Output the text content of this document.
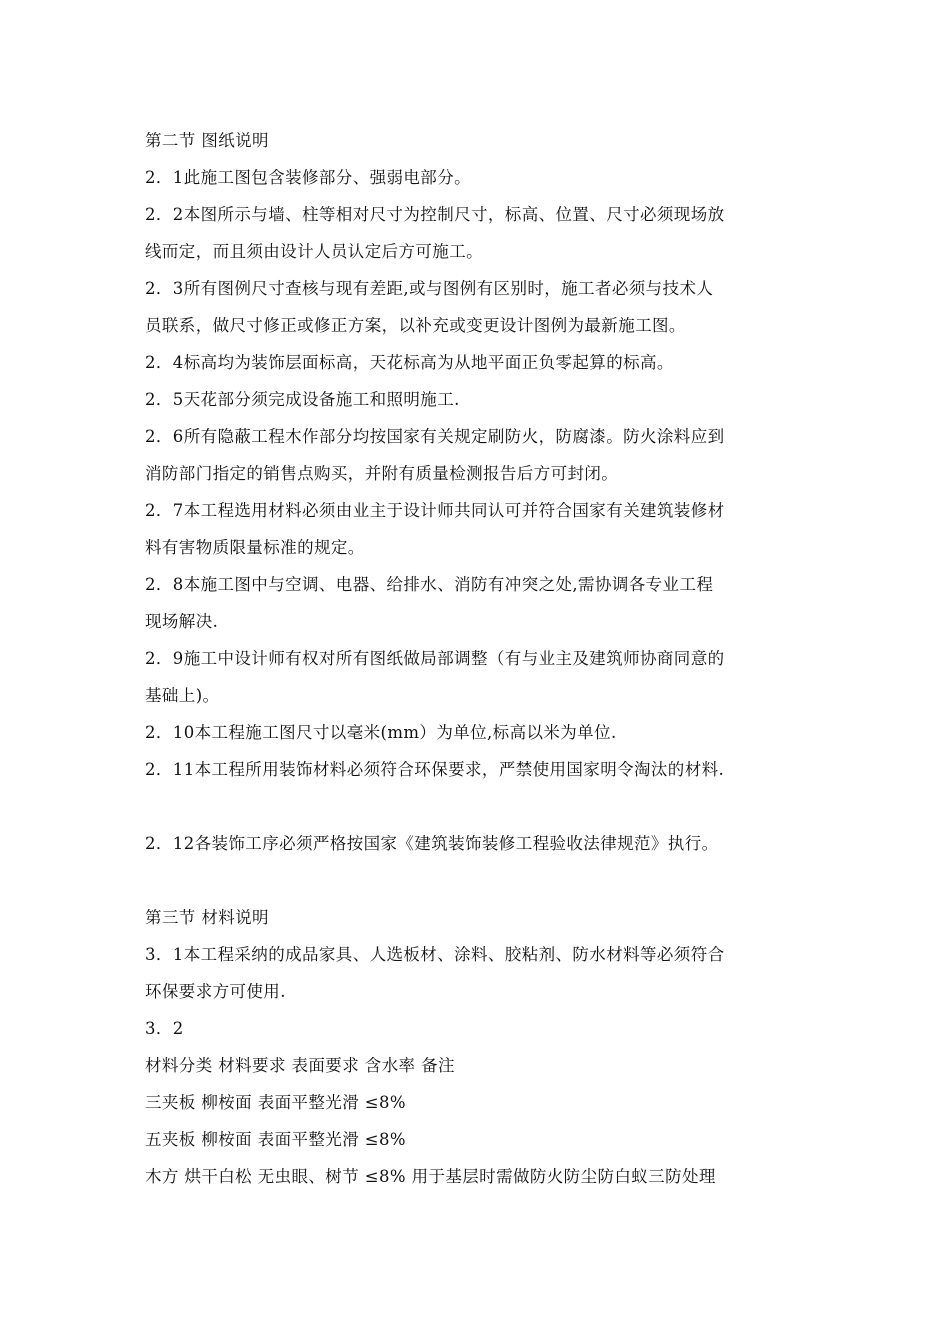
第二节 图纸说明
2．1此施工图包含装修部分、强弱电部分。
2．2本图所示与墙、柱等相对尺寸为控制尺寸，标高、位置、尺寸必须现场放
线而定，而且须由设计人员认定后方可施工。
2．3所有图例尺寸查核与现有差距,或与图例有区别时，施工者必须与技术人
员联系，做尺寸修正或修正方案，以补充或变更设计图例为最新施工图。
2．4标高均为装饰层面标高，天花标高为从地平面正负零起算的标高。
2．5天花部分须完成设备施工和照明施工.
2．6所有隐蔽工程木作部分均按国家有关规定刷防火，防腐漆。防火涂料应到
消防部门指定的销售点购买，并附有质量检测报告后方可封闭。
2．7本工程选用材料必须由业主于设计师共同认可并符合国家有关建筑装修材
料有害物质限量标准的规定。
2．8本施工图中与空调、电器、给排水、消防有冲突之处,需协调各专业工程
现场解决.
2．9施工中设计师有权对所有图纸做局部调整（有与业主及建筑师协商同意的
基础上)。
2．10本工程施工图尺寸以毫米(mm）为单位,标高以米为单位.
2．11本工程所用装饰材料必须符合环保要求，严禁使用国家明令淘汰的材料.
2．12各装饰工序必须严格按国家《建筑装饰装修工程验收法律规范》执行。
第三节 材料说明
3．1本工程采纳的成品家具、人选板材、涂料、胶粘剂、防水材料等必须符合
环保要求方可使用.
3．2
材料分类 材料要求 表面要求 含水率 备注
三夹板 柳桉面 表面平整光滑 ≤8%
五夹板 柳桉面 表面平整光滑 ≤8%
木方 烘干白松 无虫眼、树节 ≤8% 用于基层时需做防火防尘防白蚁三防处理
